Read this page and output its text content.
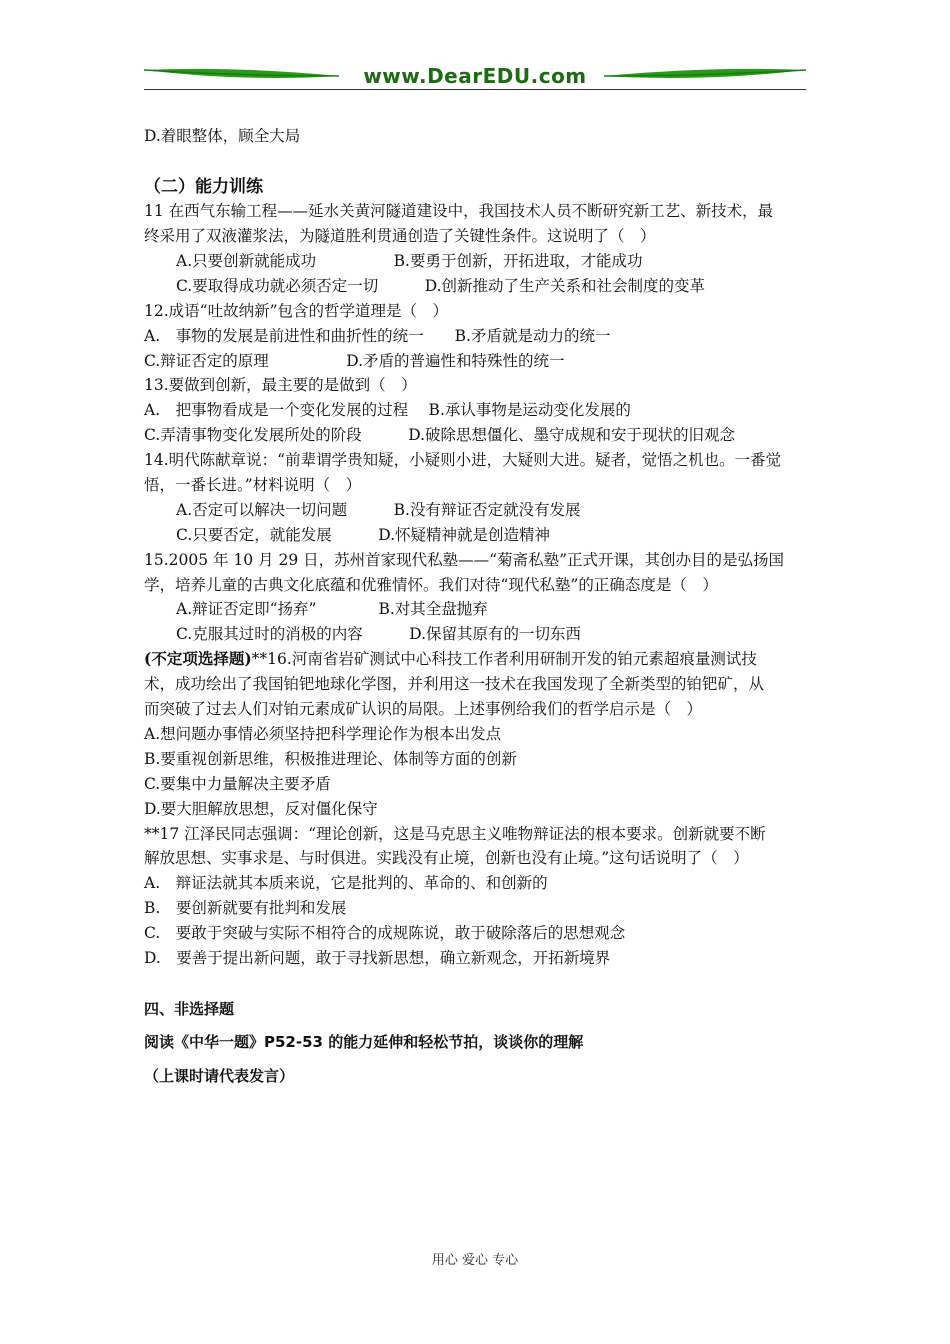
www.DearEDU.com
D.着眼整体，顾全大局
（二）能力训练
11 在西气东输工程——延水关黄河隧道建设中，我国技术人员不断研究新工艺、新技术，最
终采用了双液灌浆法，为隧道胜利贯通创造了关键性条件。这说明了（　）
A.只要创新就能成功　　　　　B.要勇于创新，开拓进取，才能成功
C.要取得成功就必须否定一切　　　D.创新推动了生产关系和社会制度的变革
12.成语“吐故纳新”包含的哲学道理是（　）
A.　事物的发展是前进性和曲折性的统一　　B.矛盾就是动力的统一
C.辩证否定的原理　　　　　D.矛盾的普遍性和特殊性的统一
13.要做到创新，最主要的是做到（　）
A.　把事物看成是一个变化发展的过程　 B.承认事物是运动变化发展的
C.弄清事物变化发展所处的阶段　　　D.破除思想僵化、墨守成规和安于现状的旧观念
14.明代陈献章说：“前辈谓学贵知疑，小疑则小进，大疑则大进。疑者，觉悟之机也。一番觉
悟，一番长进。”材料说明（　）
A.否定可以解决一切问题　　　B.没有辩证否定就没有发展
C.只要否定，就能发展　　　D.怀疑精神就是创造精神
15.2005 年 10 月 29 日，苏州首家现代私塾——“菊斋私塾”正式开课，其创办目的是弘扬国
学，培养儿童的古典文化底蕴和优雅情怀。我们对待“现代私塾”的正确态度是（　）
A.辩证否定即“扬弃”　　　　B.对其全盘抛弃
C.克服其过时的消极的内容　　　D.保留其原有的一切东西
(不定项选择题)**16.河南省岩矿测试中心科技工作者利用研制开发的铂元素超痕量测试技
术，成功绘出了我国铂钯地球化学图，并利用这一技术在我国发现了全新类型的铂钯矿，从
而突破了过去人们对铂元素成矿认识的局限。上述事例给我们的哲学启示是（　）
A.想问题办事情必须坚持把科学理论作为根本出发点
B.要重视创新思维，积极推进理论、体制等方面的创新
C.要集中力量解决主要矛盾
D.要大胆解放思想，反对僵化保守
**17 江泽民同志强调：“理论创新，这是马克思主义唯物辩证法的根本要求。创新就要不断
解放思想、实事求是、与时俱进。实践没有止境，创新也没有止境。”这句话说明了（　）
A.　辩证法就其本质来说，它是批判的、革命的、和创新的
B.　要创新就要有批判和发展
C.　要敢于突破与实际不相符合的成规陈说，敢于破除落后的思想观念
D.　要善于提出新问题，敢于寻找新思想，确立新观念，开拓新境界
四、非选择题
阅读《中华一题》P52-53 的能力延伸和轻松节拍，谈谈你的理解
（上课时请代表发言）
用心 爱心 专心
